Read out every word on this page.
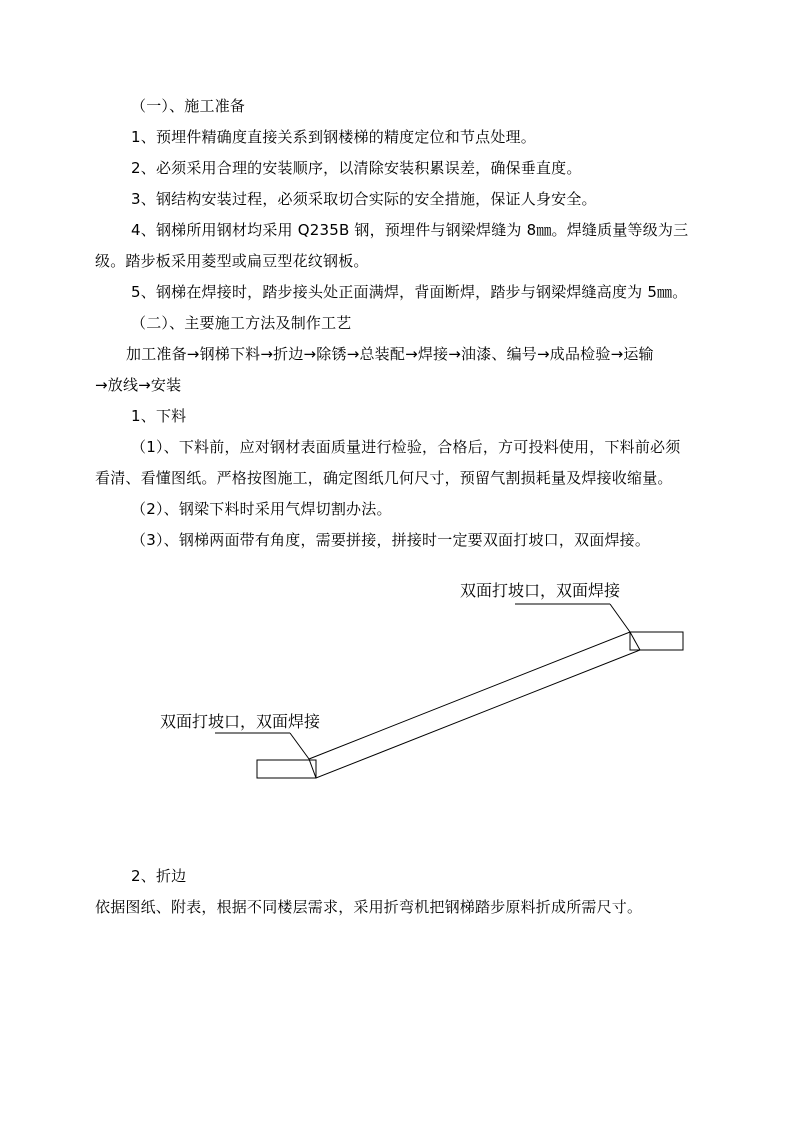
（一）、施工准备
1、预埋件精确度直接关系到钢楼梯的精度定位和节点处理。
2、必须采用合理的安装顺序，以清除安装积累误差，确保垂直度。
3、钢结构安装过程，必须采取切合实际的安全措施，保证人身安全。
4、钢梯所用钢材均采用 Q235B 钢，预埋件与钢梁焊缝为 8㎜。焊缝质量等级为三
级。踏步板采用菱型或扁豆型花纹钢板。
5、钢梯在焊接时，踏步接头处正面满焊，背面断焊，踏步与钢梁焊缝高度为 5㎜。
（二）、主要施工方法及制作工艺
加工准备→钢梯下料→折边→除锈→总装配→焊接→油漆、编号→成品检验→运输
→放线→安装
1、下料
（1）、下料前，应对钢材表面质量进行检验，合格后，方可投料使用，下料前必须
看清、看懂图纸。严格按图施工，确定图纸几何尺寸，预留气割损耗量及焊接收缩量。
（2）、钢梁下料时采用气焊切割办法。
（3）、钢梯两面带有角度，需要拼接，拼接时一定要双面打坡口，双面焊接。
双面打坡口，双面焊接
双面打坡口，双面焊接
2、折边
依据图纸、附表，根据不同楼层需求，采用折弯机把钢梯踏步原料折成所需尺寸。
